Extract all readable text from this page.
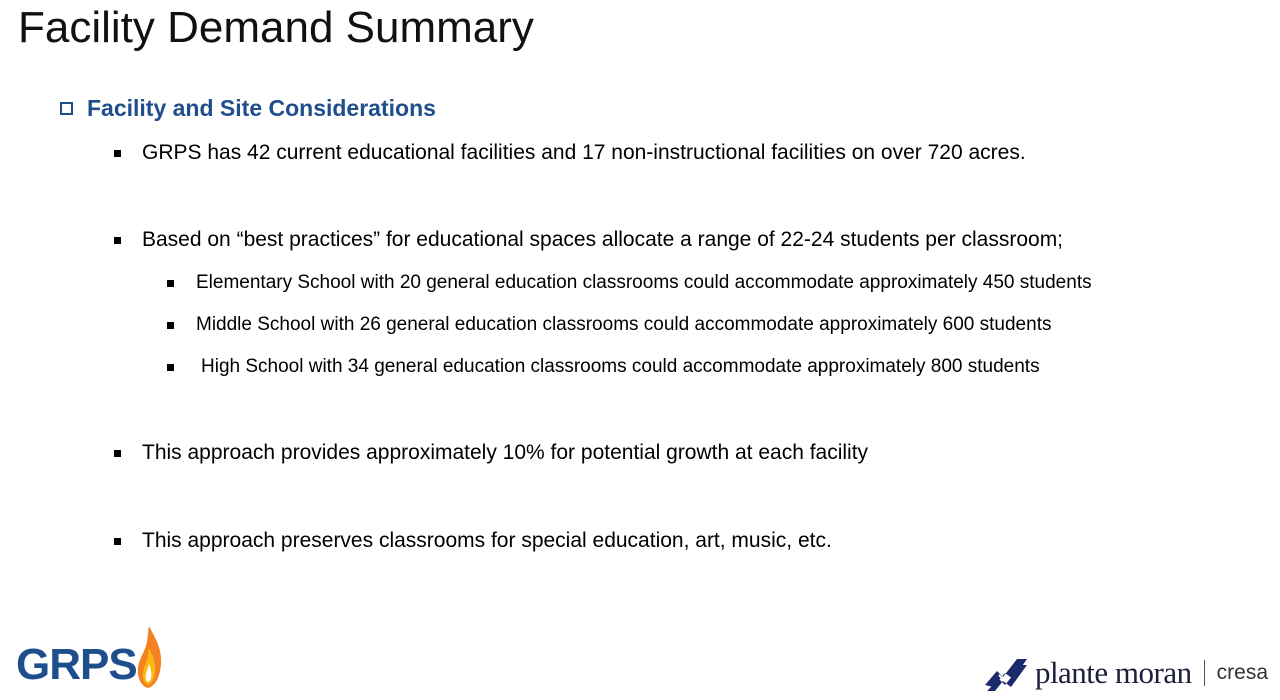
Facility Demand Summary
Facility and Site Considerations
GRPS has 42 current educational facilities and 17 non-instructional facilities on over 720 acres.
Based on “best practices” for educational spaces allocate a range of 22-24 students per classroom;
Elementary School with 20 general education classrooms could accommodate approximately 450 students
Middle School with 26 general education classrooms could accommodate approximately 600 students
High School with 34 general education classrooms could accommodate approximately 800 students
This approach provides approximately 10% for potential growth at each facility
This approach preserves classrooms for special education, art, music, etc.
GRPS	plante moran cresa
